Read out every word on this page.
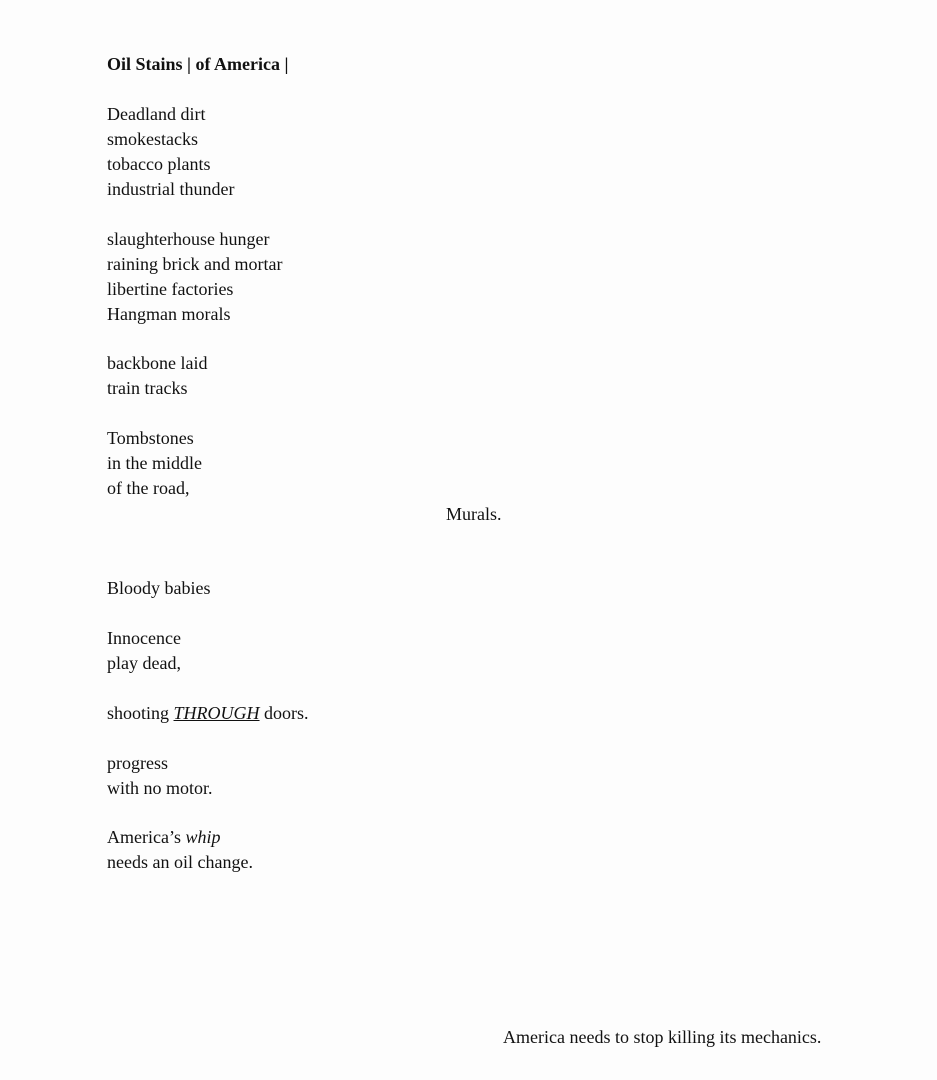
Oil Stains | of America |
Deadland dirt
smokestacks
tobacco plants
industrial thunder
slaughterhouse hunger
raining brick and mortar
libertine factories
Hangman morals
backbone laid
train tracks
Tombstones
in the middle
of the road,
Murals.
Bloody babies
Innocence
play dead,
shooting THROUGH doors.
progress
with no motor.
America’s whip
needs an oil change.
America needs to stop killing its mechanics.
